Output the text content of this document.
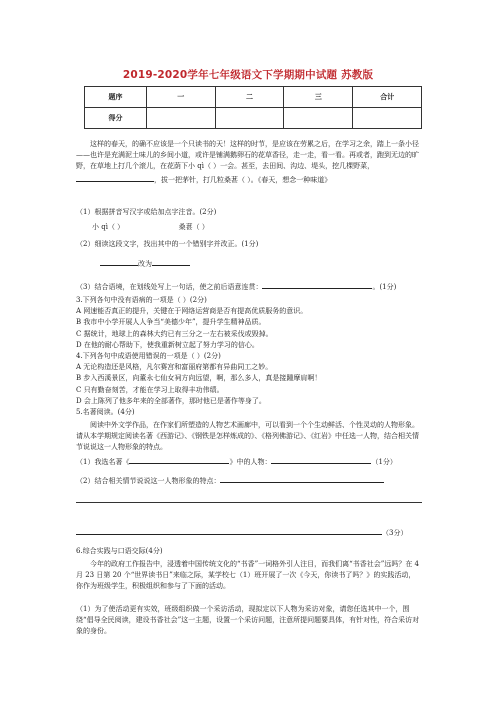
2019-2020学年七年级语文下学期期中试题 苏教版
题序	一	二	三	合计
得分				
这样的春天，的确不应该是一个只读书的天！这样的时节，是应该在劳累之后，在学习之余，踏上一条小径——也许是充满泥土味儿的乡间小道，或许是铺满鹅卵石的花草香径，走一走，看一看。再或者，跑到无边的旷野，在草地上打几个滚儿，在花荫下小 qì（ ）一会。甚至，去田间、沟边、堤头，挖几棵野菜，，拔一把茅针，打几粒桑葚（ ）。《春天，想念一种味道》
（1）根据拼音写汉字或给加点字注音。(2分)
小 qì（ ）	桑葚（ ）
（2）细读这段文字，找出其中的一个错别字并改正。(1分)
改为
（3）结合语境，在划线处写上一句话，使之前后语意连贯：	。(1分)
3.下列各句中没有语病的一项是（ ）(2分)
A 网速能否真正的提升，关键在于网络运营商是否有提高优质服务的意识。
B 我市中小学开展人人争当“美德少年”，提升学生精神品质。
C 据统计，地球上的森林大约已有三分之一左右被采伐或毁掉。
D 在他的耐心帮助下，使我重新树立起了努力学习的信心。
4.下列各句中成语使用错误的一项是（ ）(2分)
A 无论构造还是风格，凡尔赛宫和富丽府第都有异曲同工之妙。
B 步入西溪景区，向董永七仙女祠方向远望，啊，那么多人，真是接踵摩肩啊！
C 只有勤奋刻苦，才能在学习上取得丰功伟绩。
D 会上陈列了他多年来的全部著作，那时他已是著作等身了。
5.名著阅读。(4分)
阅读中外文学作品，在作家们所塑造的人物艺术画廊中，可以看到一个个生动鲜活、个性灵动的人物形象。请从本学期规定阅读名著《西游记》、《钢铁是怎样炼成的》、《格列佛游记》、《红岩》中任选一人物，结合相关情节说说这一人物形象的特点。
（1）我选名著《	》中的人物：	（1分）
（2）结合相关情节说说这一人物形象的特点：
（3分）
6.综合实践与口语交际(4分)
今年的政府工作报告中，浸透着中国传统文化的“书香”一词格外引人注目，而我们离“书香社会”远吗？在 4 月 23 日第 20 个“世界读书日”来临之际，某学校七（1）班开展了一次《今天，你读书了吗？》的实践活动，你作为班级学生，积极组织和参与了下面的活动。
（1）为了使活动更有实效，班级组织做一个采访活动，现拟定以下人物为采访对象，请您任选其中一个，围绕“倡导全民阅读，建设书香社会”这一主题，设置一个采访问题，注意所提问题要具体，有针对性，符合采访对象的身份。
